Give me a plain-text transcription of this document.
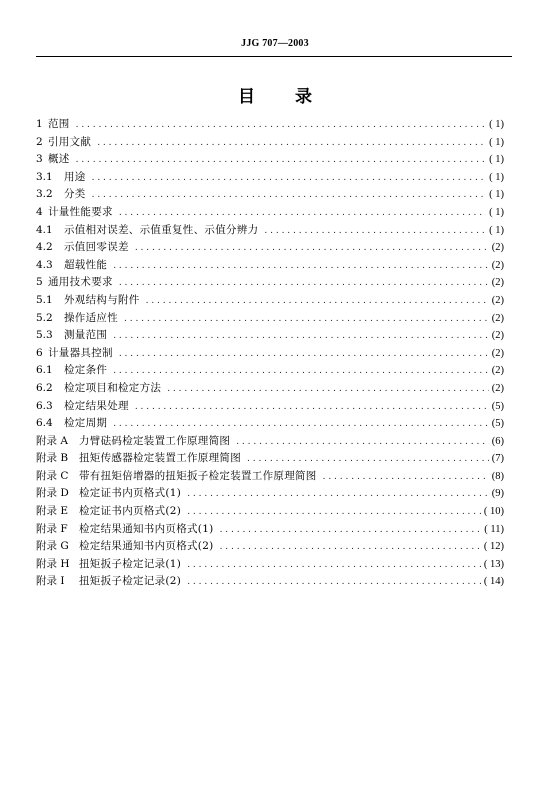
JJG 707—2003
目 录
1 范围 . . .	( 1)
2 引用文献 . . .	( 1)
3 概述 . . .	( 1)
3.1	用途 . . .	( 1)
3.2	分类 . . .	( 1)
4 计量性能要求 . . .	( 1)
4.1	示值相对误差、示值重复性、示值分辨力 . . .	( 1)
4.2	示值回零误差 . . .	(2)
4.3	超载性能 . . .	(2)
5 通用技术要求 . . .	(2)
5.1	外观结构与附件 . . .	(2)
5.2	操作适应性 . . .	(2)
5.3	测量范围 . . .	(2)
6 计量器具控制 . . .	(2)
6.1	检定条件 . . .	(2)
6.2	检定项目和检定方法 . . .	(2)
6.3	检定结果处理 . . .	(5)
6.4	检定周期 . . .	(5)
附录 A	力臂砝码检定装置工作原理简图 . . .	(6)
附录 B	扭矩传感器检定装置工作原理简图 . . .	(7)
附录 C	带有扭矩倍增器的扭矩扳子检定装置工作原理简图 . . .	(8)
附录 D 检定证书内页格式(1) . . .	(9)
附录 E	检定证书内页格式(2) . . .	( 10)
附录 F	检定结果通知书内页格式(1) . . .	( 11)
附录 G 检定结果通知书内页格式(2) . . .	( 12)
附录 H 扭矩扳子检定记录(1) . . .	( 13)
附录 I	扭矩扳子检定记录(2) . . .	( 14)
